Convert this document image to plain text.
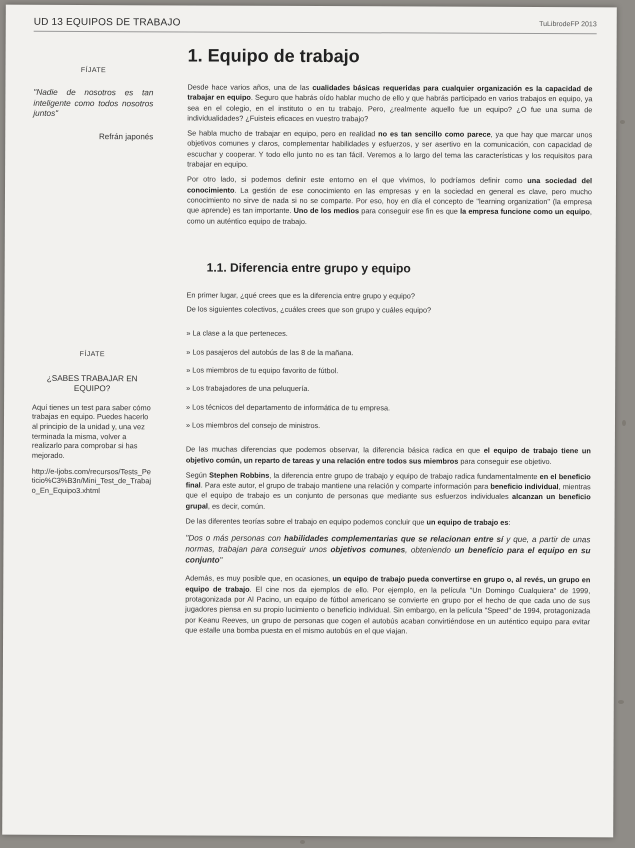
UD 13 EQUIPOS DE TRABAJO	TuLibrodeFP 2013
FÍJATE
"Nadie de nosotros es tan inteligente como todos nosotros juntos"
Refrán japonés
FÍJATE
¿SABES TRABAJAR EN EQUIPO?
Aquí tienes un test para saber cómo trabajas en equipo. Puedes hacerlo al principio de la unidad y, una vez terminada la misma, volver a realizarlo para comprobar si has mejorado.
http://e-ljobs.com/recursos/Tests_Peticio%C3%B3n/Mini_Test_de_Trabajo_En_Equipo3.xhtml
1. Equipo de trabajo

Desde hace varios años, una de las cualidades básicas requeridas para cualquier organización es la capacidad de trabajar en equipo. Seguro que habrás oído hablar mucho de ello y que habrás participado en varios trabajos en equipo, ya sea en el colegio, en el instituto o en tu trabajo. Pero, ¿realmente aquello fue un equipo? ¿O fue una suma de individualidades? ¿Fuisteis eficaces en vuestro trabajo?

Se habla mucho de trabajar en equipo, pero en realidad no es tan sencillo como parece, ya que hay que marcar unos objetivos comunes y claros, complementar habilidades y esfuerzos, y ser asertivo en la comunicación, con capacidad de escuchar y cooperar. Y todo ello junto no es tan fácil. Veremos a lo largo del tema las características y los requisitos para trabajar en equipo.

Por otro lado, si podemos definir este entorno en el que vivimos, lo podríamos definir como una sociedad del conocimiento. La gestión de ese conocimiento en las empresas y en la sociedad en general es clave, pero mucho conocimiento no sirve de nada si no se comparte. Por eso, hoy en día el concepto de "learning organization" (la empresa que aprende) es tan importante. Uno de los medios para conseguir ese fin es que la empresa funcione como un equipo, como un auténtico equipo de trabajo.

1.1. Diferencia entre grupo y equipo

En primer lugar, ¿qué crees que es la diferencia entre grupo y equipo?

De los siguientes colectivos, ¿cuáles crees que son grupo y cuáles equipo?

» La clase a la que perteneces.
» Los pasajeros del autobús de las 8 de la mañana.
» Los miembros de tu equipo favorito de fútbol.
» Los trabajadores de una peluquería.
» Los técnicos del departamento de informática de tu empresa.
» Los miembros del consejo de ministros.

De las muchas diferencias que podemos observar, la diferencia básica radica en que el equipo de trabajo tiene un objetivo común, un reparto de tareas y una relación entre todos sus miembros para conseguir ese objetivo.

Según Stephen Robbins, la diferencia entre grupo de trabajo y equipo de trabajo radica fundamentalmente en el beneficio final. Para este autor, el grupo de trabajo mantiene una relación y comparte información para beneficio individual, mientras que el equipo de trabajo es un conjunto de personas que mediante sus esfuerzos individuales alcanzan un beneficio grupal, es decir, común.

De las diferentes teorías sobre el trabajo en equipo podemos concluir que un equipo de trabajo es:

"Dos o más personas con habilidades complementarias que se relacionan entre sí y que, a partir de unas normas, trabajan para conseguir unos objetivos comunes, obteniendo un beneficio para el equipo en su conjunto"

Además, es muy posible que, en ocasiones, un equipo de trabajo pueda convertirse en grupo o, al revés, un grupo en equipo de trabajo. El cine nos da ejemplos de ello. Por ejemplo, en la película "Un Domingo Cualquiera" de 1999, protagonizada por Al Pacino, un equipo de fútbol americano se convierte en grupo por el hecho de que cada uno de sus jugadores piensa en su propio lucimiento o beneficio individual. Sin embargo, en la película "Speed" de 1994, protagonizada por Keanu Reeves, un grupo de personas que cogen el autobús acaban convirtiéndose en un auténtico equipo para evitar que estalle una bomba puesta en el mismo autobús en el que viajan.
